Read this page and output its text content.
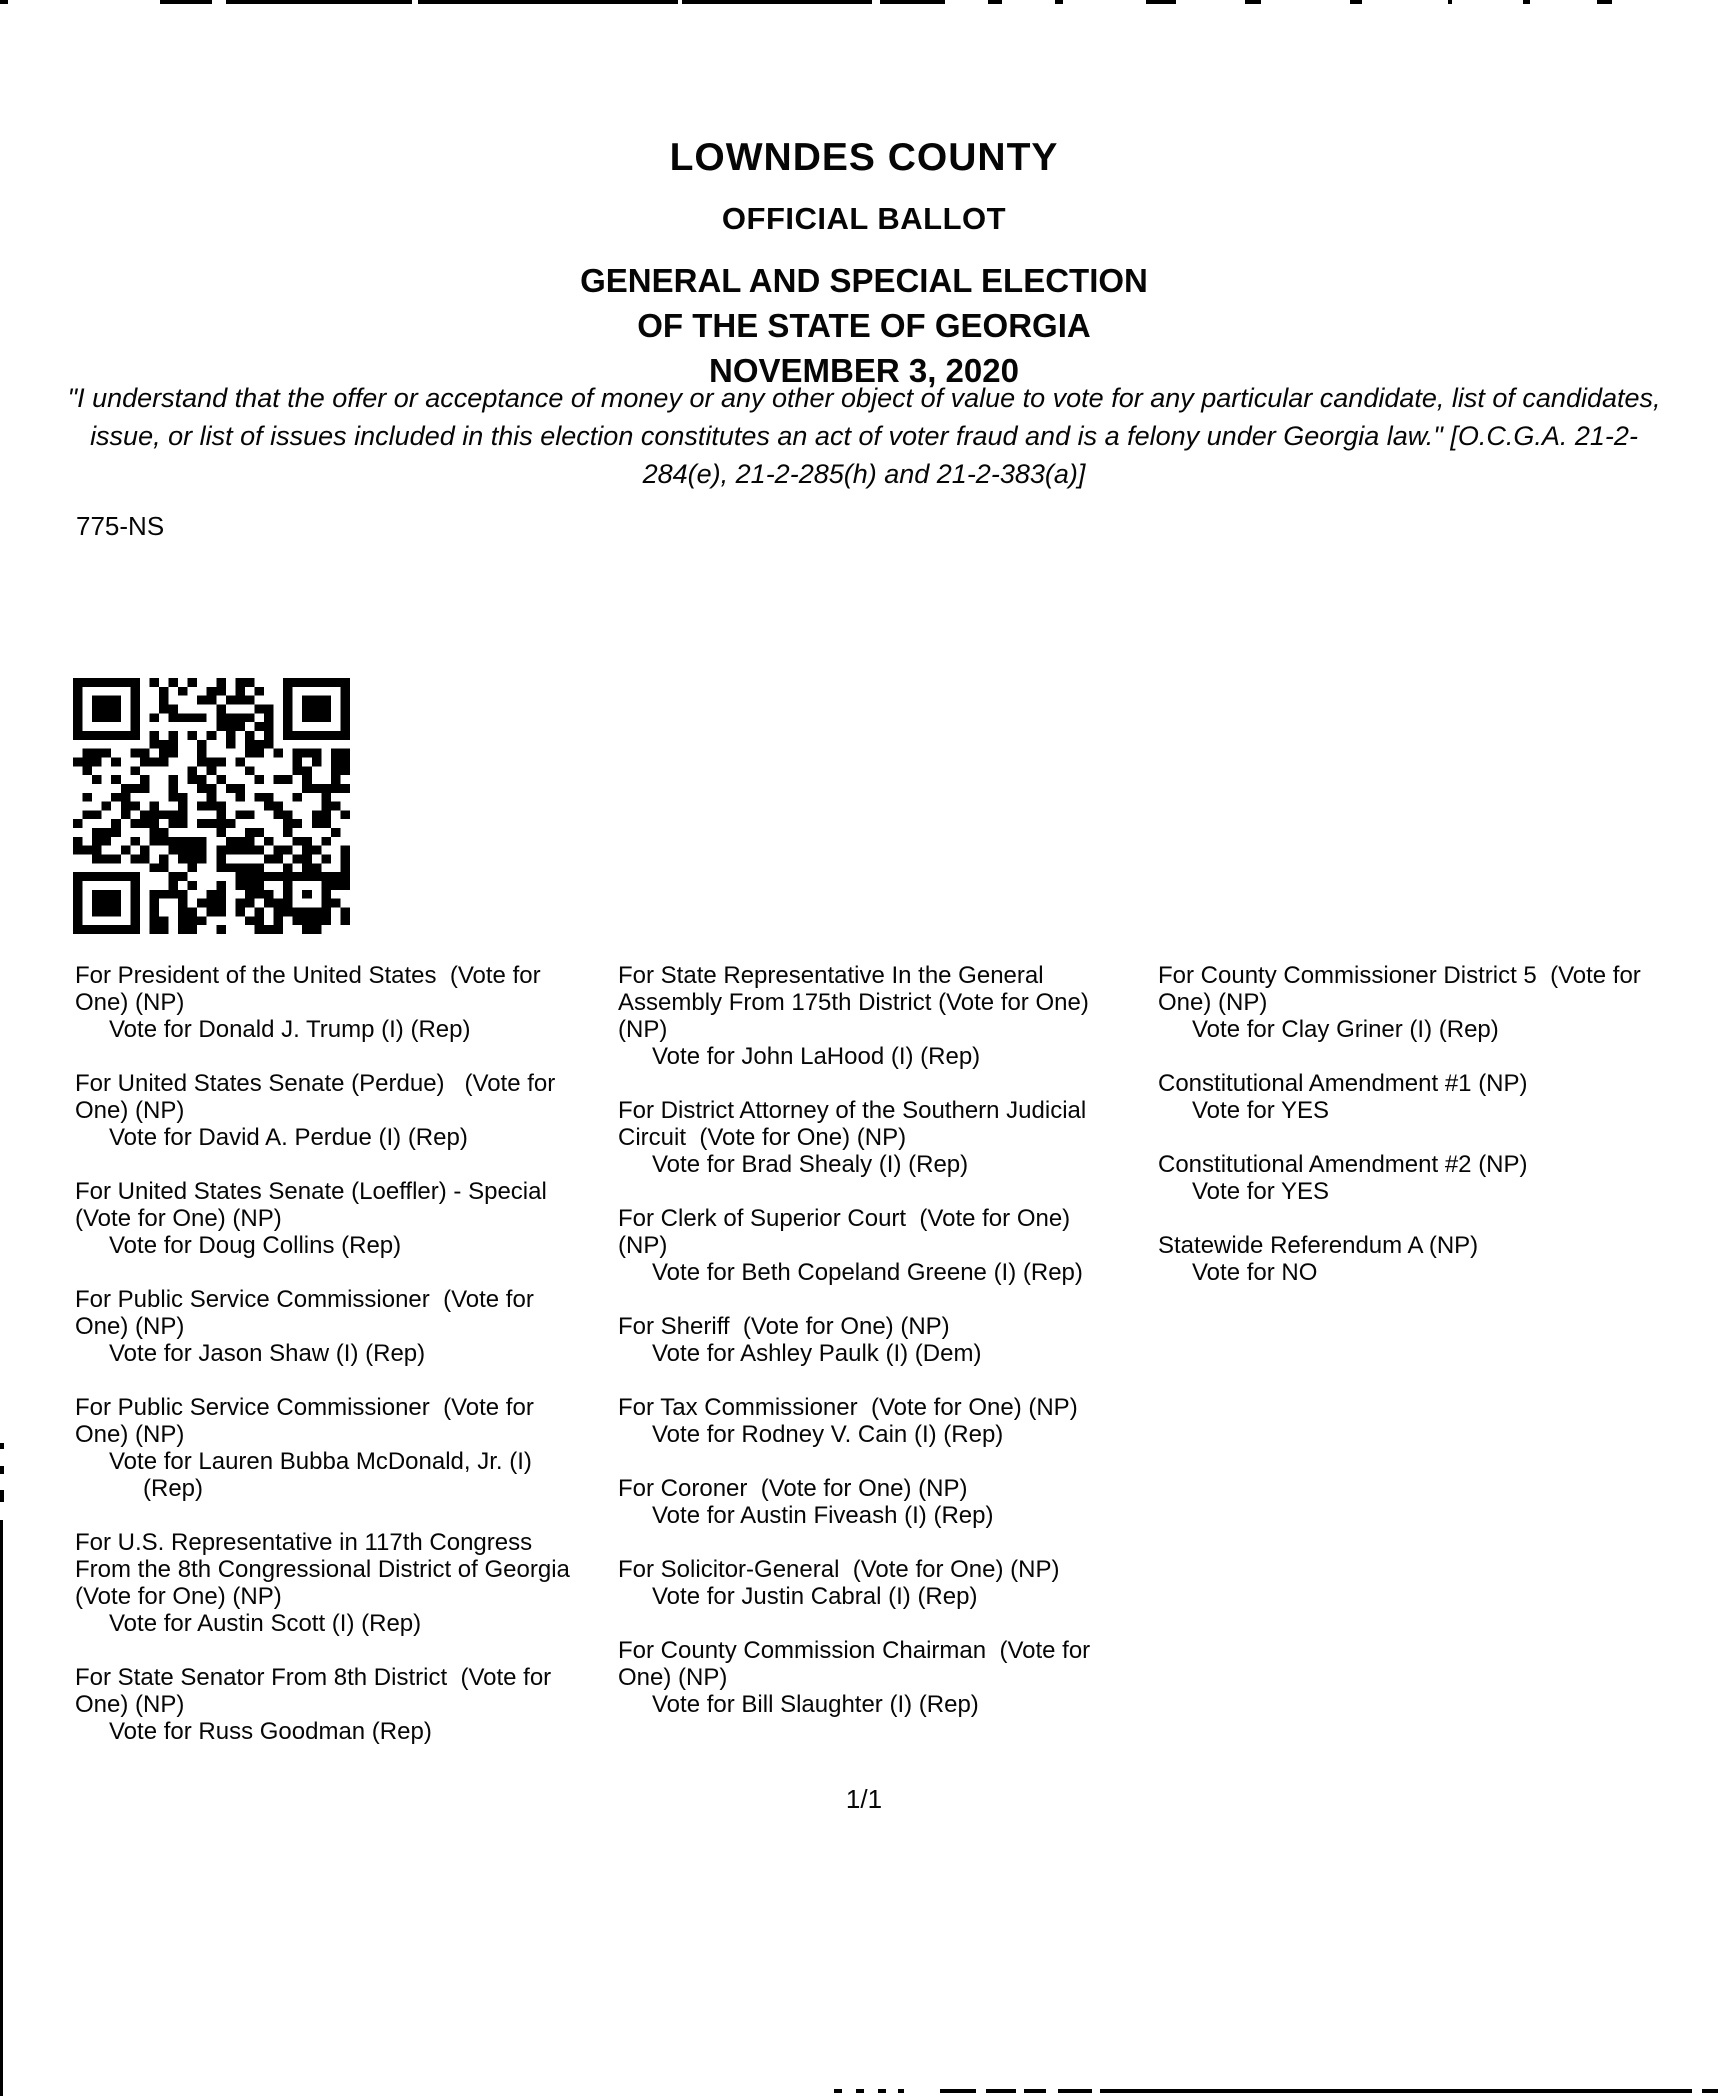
LOWNDES COUNTY
OFFICIAL BALLOT
GENERAL AND SPECIAL ELECTION
OF THE STATE OF GEORGIA
NOVEMBER 3, 2020
"I understand that the offer or acceptance of money or any other object of value to vote for any particular candidate, list of candidates, issue, or list of issues included in this election constitutes an act of voter fraud and is a felony under Georgia law." [O.C.G.A. 21-2-284(e), 21-2-285(h) and 21-2-383(a)]
775-NS
For President of the United States  (Vote for One) (NP)
Vote for Donald J. Trump (I) (Rep)
For United States Senate (Perdue)   (Vote for One) (NP)
Vote for David A. Perdue (I) (Rep)
For United States Senate (Loeffler) - Special  (Vote for One) (NP)
Vote for Doug Collins (Rep)
For Public Service Commissioner  (Vote for One) (NP)
Vote for Jason Shaw (I) (Rep)
For Public Service Commissioner  (Vote for One) (NP)
Vote for Lauren Bubba McDonald, Jr. (I) (Rep)
For U.S. Representative in 117th Congress From the 8th Congressional District of Georgia (Vote for One) (NP)
Vote for Austin Scott (I) (Rep)
For State Senator From 8th District  (Vote for One) (NP)
Vote for Russ Goodman (Rep)
For State Representative In the General Assembly From 175th District (Vote for One) (NP)
Vote for John LaHood (I) (Rep)
For District Attorney of the Southern Judicial Circuit  (Vote for One) (NP)
Vote for Brad Shealy (I) (Rep)
For Clerk of Superior Court  (Vote for One) (NP)
Vote for Beth Copeland Greene (I) (Rep)
For Sheriff  (Vote for One) (NP)
Vote for Ashley Paulk (I) (Dem)
For Tax Commissioner  (Vote for One) (NP)
Vote for Rodney V. Cain (I) (Rep)
For Coroner  (Vote for One) (NP)
Vote for Austin Fiveash (I) (Rep)
For Solicitor-General  (Vote for One) (NP)
Vote for Justin Cabral (I) (Rep)
For County Commission Chairman  (Vote for One) (NP)
Vote for Bill Slaughter (I) (Rep)
For County Commissioner District 5  (Vote for One) (NP)
Vote for Clay Griner (I) (Rep)
Constitutional Amendment #1 (NP)
Vote for YES
Constitutional Amendment #2 (NP)
Vote for YES
Statewide Referendum A (NP)
Vote for NO
1/1
